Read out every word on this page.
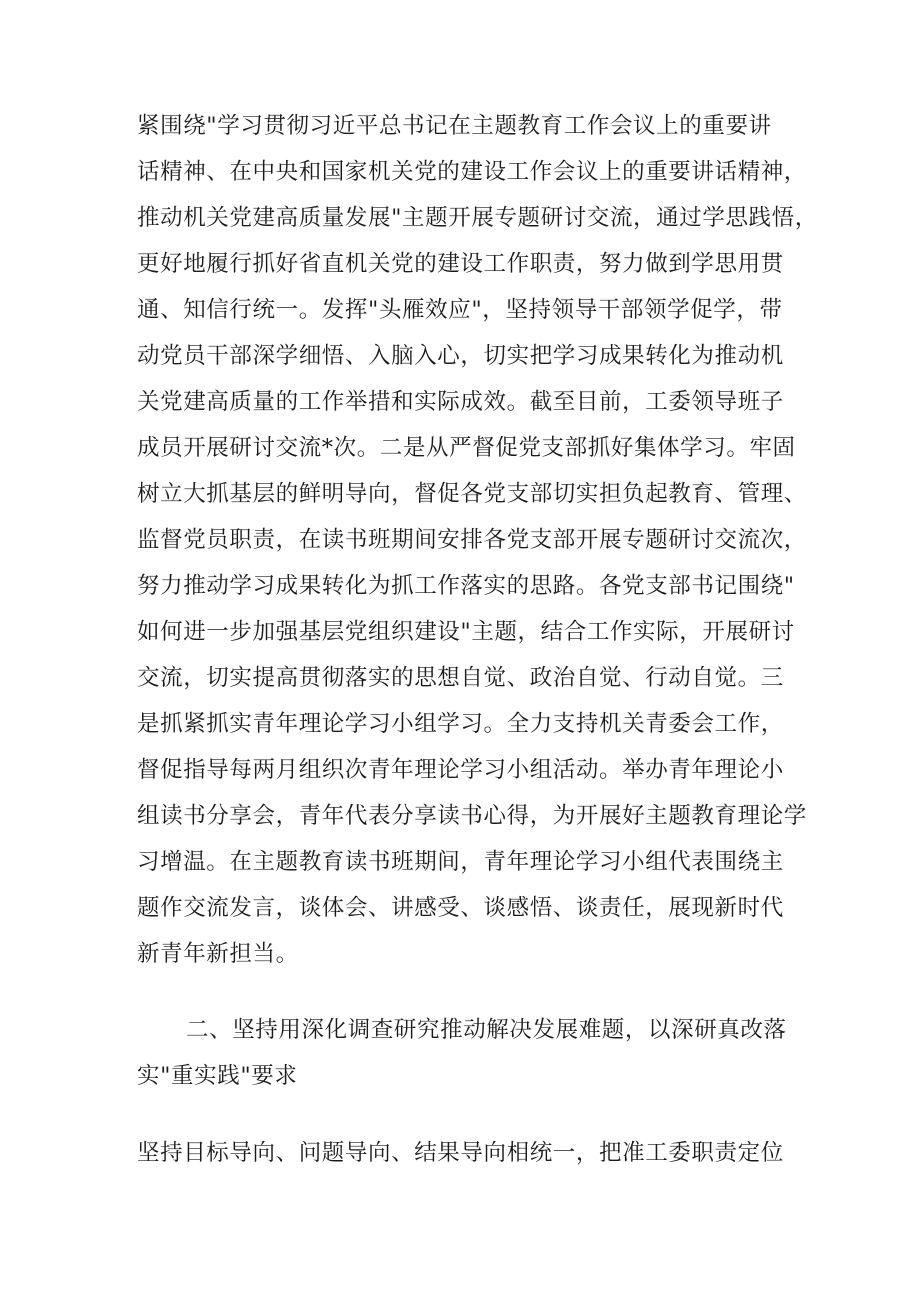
紧围绕"学习贯彻习近平总书记在主题教育工作会议上的重要讲
话精神、在中央和国家机关党的建设工作会议上的重要讲话精神，
推动机关党建高质量发展"主题开展专题研讨交流，通过学思践悟，
更好地履行抓好省直机关党的建设工作职责，努力做到学思用贯
通、知信行统一。发挥"头雁效应"，坚持领导干部领学促学，带
动党员干部深学细悟、入脑入心，切实把学习成果转化为推动机
关党建高质量的工作举措和实际成效。截至目前，工委领导班子
成员开展研讨交流*次。二是从严督促党支部抓好集体学习。牢固
树立大抓基层的鲜明导向，督促各党支部切实担负起教育、管理、
监督党员职责，在读书班期间安排各党支部开展专题研讨交流次，
努力推动学习成果转化为抓工作落实的思路。各党支部书记围绕"
如何进一步加强基层党组织建设"主题，结合工作实际，开展研讨
交流，切实提高贯彻落实的思想自觉、政治自觉、行动自觉。三
是抓紧抓实青年理论学习小组学习。全力支持机关青委会工作，
督促指导每两月组织次青年理论学习小组活动。举办青年理论小
组读书分享会，青年代表分享读书心得，为开展好主题教育理论学
习增温。在主题教育读书班期间，青年理论学习小组代表围绕主
题作交流发言，谈体会、讲感受、谈感悟、谈责任，展现新时代
新青年新担当。
二、坚持用深化调查研究推动解决发展难题，以深研真改落
实"重实践"要求
坚持目标导向、问题导向、结果导向相统一，把准工委职责定位
